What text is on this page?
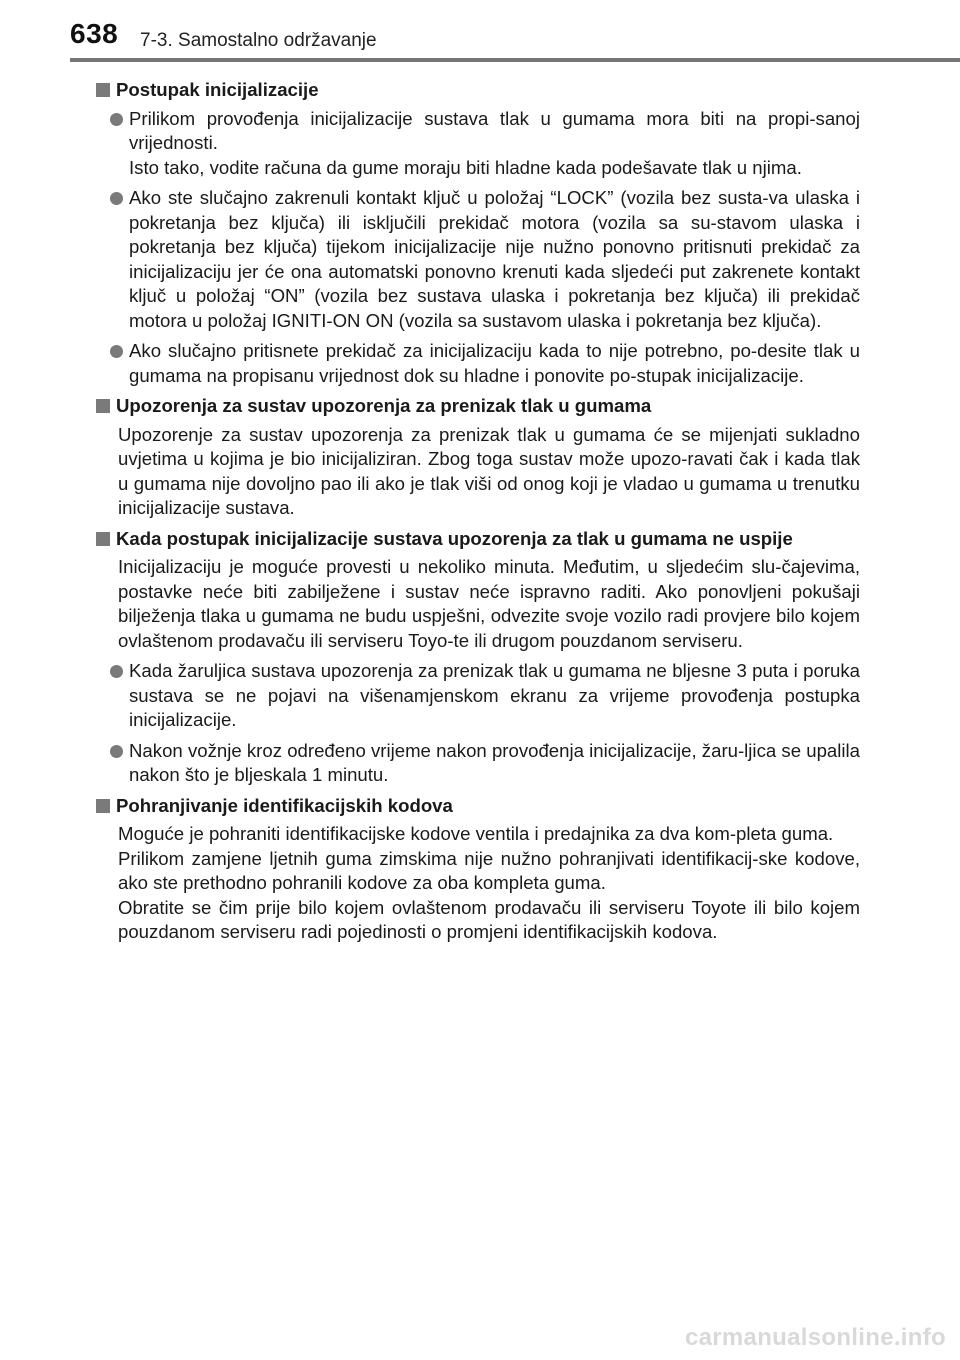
638 7-3. Samostalno održavanje
Postupak inicijalizacije

Prilikom provođenja inicijalizacije sustava tlak u gumama mora biti na propi-sanoj vrijednosti.

Isto tako, vodite računa da gume moraju biti hladne kada podešavate tlak u njima.

Ako ste slučajno zakrenuli kontakt ključ u položaj “LOCK” (vozila bez susta-va ulaska i pokretanja bez ključa) ili isključili prekidač motora (vozila sa su-stavom ulaska i pokretanja bez ključa) tijekom inicijalizacije nije nužno ponovno pritisnuti prekidač za inicijalizaciju jer će ona automatski ponovno krenuti kada sljedeći put zakrenete kontakt ključ u položaj “ON” (vozila bez sustava ulaska i pokretanja bez ključa) ili prekidač motora u položaj IGNITI-ON ON (vozila sa sustavom ulaska i pokretanja bez ključa).

Ako slučajno pritisnete prekidač za inicijalizaciju kada to nije potrebno, po-desite tlak u gumama na propisanu vrijednost dok su hladne i ponovite po-stupak inicijalizacije.

Upozorenja za sustav upozorenja za prenizak tlak u gumama

Upozorenje za sustav upozorenja za prenizak tlak u gumama će se mijenjati sukladno uvjetima u kojima je bio inicijaliziran. Zbog toga sustav može upozo-ravati čak i kada tlak u gumama nije dovoljno pao ili ako je tlak viši od onog koji je vladao u gumama u trenutku inicijalizacije sustava.

Kada postupak inicijalizacije sustava upozorenja za tlak u gumama ne uspije

Inicijalizaciju je moguće provesti u nekoliko minuta. Međutim, u sljedećim slu-čajevima, postavke neće biti zabilježene i sustav neće ispravno raditi. Ako ponovljeni pokušaji bilježenja tlaka u gumama ne budu uspješni, odvezite svoje vozilo radi provjere bilo kojem ovlaštenom prodavaču ili serviseru Toyo-te ili drugom pouzdanom serviseru.

Kada žaruljica sustava upozorenja za prenizak tlak u gumama ne bljesne 3 puta i poruka sustava se ne pojavi na višenamjenskom ekranu za vrijeme provođenja postupka inicijalizacije.

Nakon vožnje kroz određeno vrijeme nakon provođenja inicijalizacije, žaru-ljica se upalila nakon što je bljeskala 1 minutu.

Pohranjivanje identifikacijskih kodova

Moguće je pohraniti identifikacijske kodove ventila i predajnika za dva kom-pleta guma.

Prilikom zamjene ljetnih guma zimskima nije nužno pohranjivati identifikacij-ske kodove, ako ste prethodno pohranili kodove za oba kompleta guma.

Obratite se čim prije bilo kojem ovlaštenom prodavaču ili serviseru Toyote ili bilo kojem pouzdanom serviseru radi pojedinosti o promjeni identifikacijskih kodova.

carmanualsonline.info
